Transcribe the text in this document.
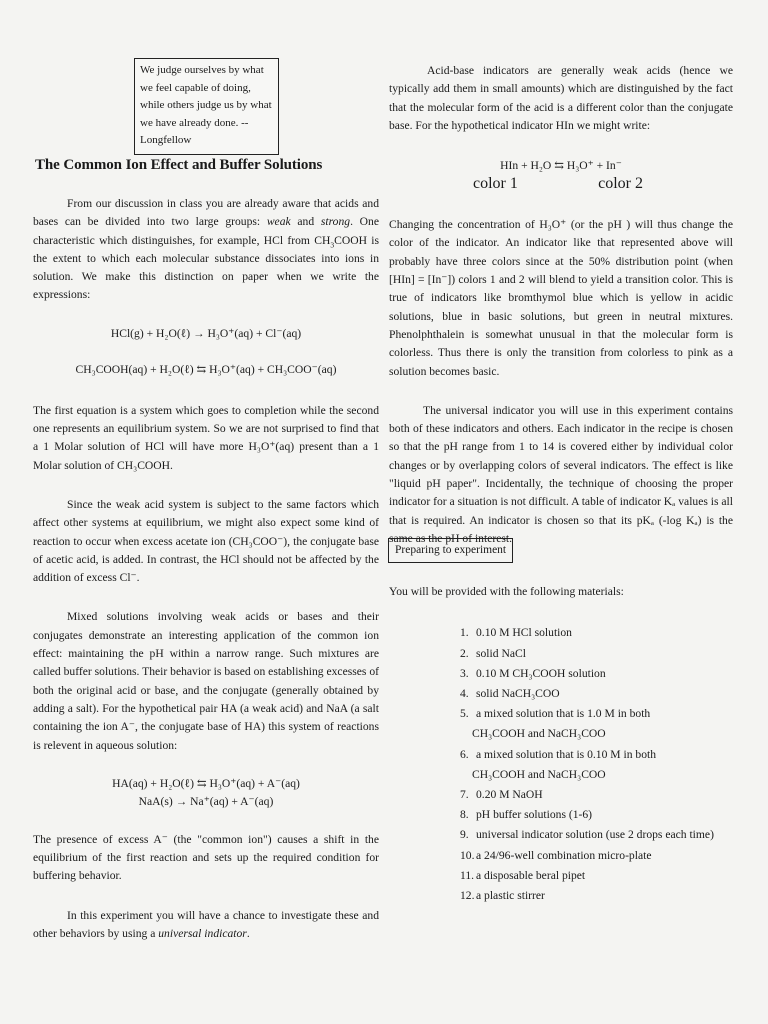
We judge ourselves by what we feel capable of doing, while others judge us by what we have already done. --Longfellow
The Common Ion Effect and Buffer Solutions

From our discussion in class you are already aware that acids and bases can be divided into two large groups: weak and strong. One characteristic which distinguishes, for example, HCl from $CH_3COOH$ is the extent to which each molecular substance dissociates into ions in solution. We make this distinction on paper when we write the expressions:

HCl(g) + H₂O(ℓ) → H₃O⁺(aq) + Cl⁻(aq)
CH₃COOH(aq) + H₂O(ℓ) ⇆ H₃O⁺(aq) + CH₃COO⁻(aq)

The first equation is a system which goes to completion while the second one represents an equilibrium system. So we are not surprised to find that a 1 Molar solution of HCl will have more H₃O⁺(aq) present than a 1 Molar solution of CH₃COOH.

Since the weak acid system is subject to the same factors which affect other systems at equilibrium, we might also expect some kind of reaction to occur when excess acetate ion (CH₃COO⁻), the conjugate base of acetic acid, is added. In contrast, the HCl should not be affected by the addition of excess Cl⁻.

Mixed solutions involving weak acids or bases and their conjugates demonstrate an interesting application of the common ion effect: maintaining the pH within a narrow range. Such mixtures are called buffer solutions. Their behavior is based on establishing excesses of both the original acid or base, and the conjugate (generally obtained by adding a salt). For the hypothetical pair HA (a weak acid) and NaA (a salt containing the ion A⁻, the conjugate base of HA) this system of reactions is relevent in aqueous solution:

HA(aq) + H₂O(ℓ) ⇆ H₃O⁺(aq) + A⁻(aq)
NaA(s) → Na⁺(aq) + A⁻(aq)

The presence of excess A⁻ (the "common ion") causes a shift in the equilibrium of the first reaction and sets up the required condition for buffering behavior.

In this experiment you will have a chance to investigate these and other behaviors by using a universal indicator.

Acid-base indicators are generally weak acids (hence we typically add them in small amounts) which are distinguished by the fact that the molecular form of the acid is a different color than the conjugate base. For the hypothetical indicator HIn we might write:

HIn + H₂O ⇆ H₃O⁺ + In⁻
color 1	color 2

Changing the concentration of H₃O⁺ (or the pH ) will thus change the color of the indicator. An indicator like that represented above will probably have three colors since at the 50% distribution point (when [HIn] = [In⁻]) colors 1 and 2 will blend to yield a transition color. This is true of indicators like bromthymol blue which is yellow in acidic solutions, blue in basic solutions, but green in neutral mixtures. Phenolphthalein is somewhat unusual in that the molecular form is colorless. Thus there is only the transition from colorless to pink as a solution becomes basic.

The universal indicator you will use in this experiment contains both of these indicators and others. Each indicator in the recipe is chosen so that the pH range from 1 to 14 is covered either by individual color changes or by overlapping colors of several indicators. The effect is like "liquid pH paper". Incidentally, the technique of choosing the proper indicator for a situation is not difficult. A table of indicator Kₐ values is all that is required. An indicator is chosen so that its pKₐ (-log Kₐ) is the same as the pH of interest.

Preparing to experiment

You will be provided with the following materials:

1. 0.10 M HCl solution
2. solid NaCl
3. 0.10 M CH₃COOH solution
4. solid NaCH₃COO
5. a mixed solution that is 1.0 M in both
CH₃COOH and NaCH₃COO
6. a mixed solution that is 0.10 M in both
CH₃COOH and NaCH₃COO
7. 0.20 M NaOH
8. pH buffer solutions (1-6)
9. universal indicator solution (use 2 drops each time)
10. a 24/96-well combination micro-plate
11. a disposable beral pipet
12. a plastic stirrer
